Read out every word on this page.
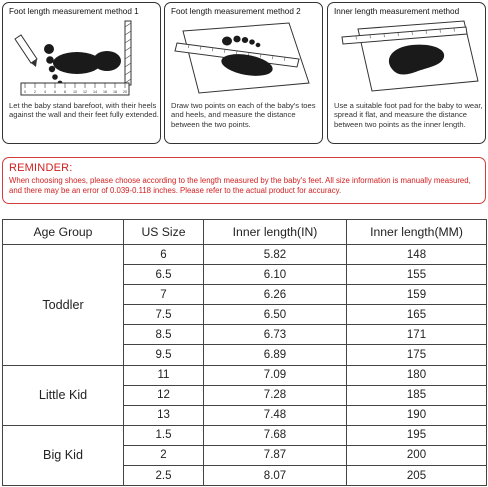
Foot length measurement method 1
0 2 4 6 8 10 12 14 16 18 20
Let the baby stand barefoot, with their heels against the wall and their feet fully extended.
Foot length measurement method 2
Draw two points on each of the baby's toes and heels, and measure the distance between the two points.
Inner length measurement method
Use a suitable foot pad for the baby to wear, spread it flat, and measure the distance between two points as the inner length.
REMINDER:
When choosing shoes, please choose according to the length measured by the baby's feet. All size information is manually measured, and there may be an error of 0.039-0.118 inches. Please refer to the actual product for accuracy.
Age Group	US Size	Inner length(IN)	Inner length(MM)
Toddler	6	5.82	148
	6.5	6.10	155
	7	6.26	159
	7.5	6.50	165
	8.5	6.73	171
	9.5	6.89	175
Little Kid	11	7.09	180
	12	7.28	185
	13	7.48	190
Big Kid	1.5	7.68	195
	2	7.87	200
	2.5	8.07	205
